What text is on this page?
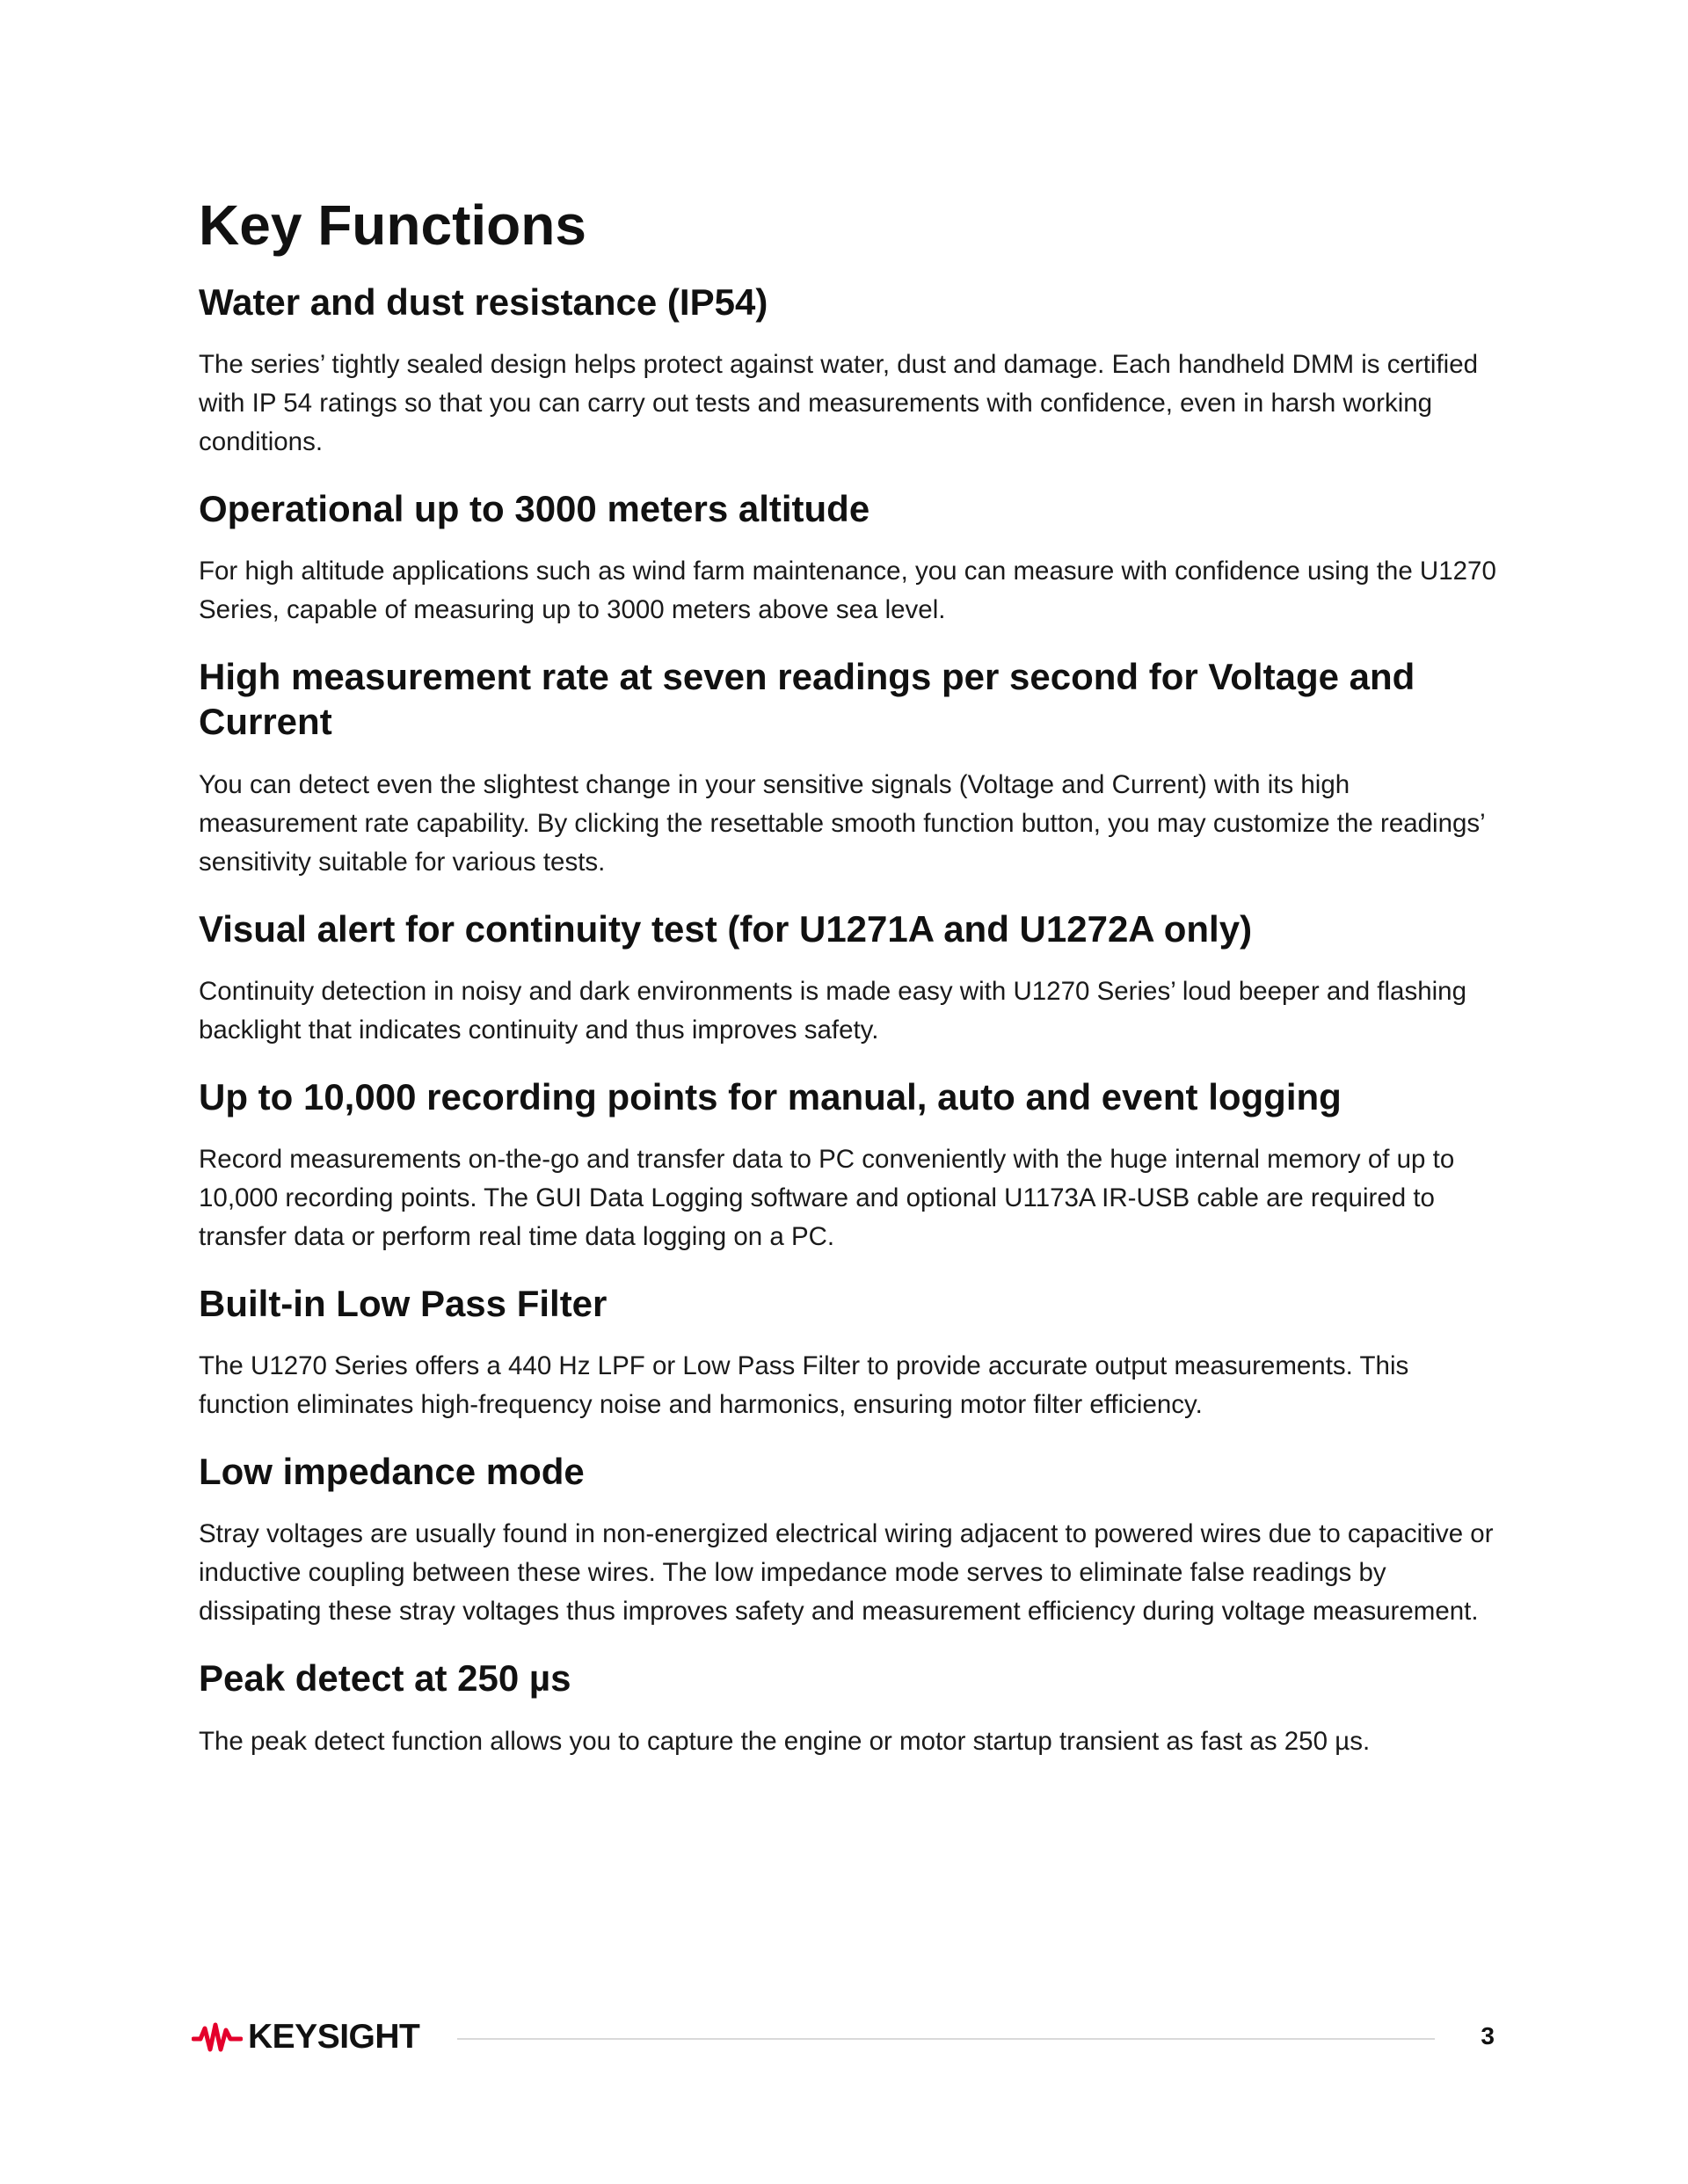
Key Functions
Water and dust resistance (IP54)

The series’ tightly sealed design helps protect against water, dust and damage. Each handheld DMM is certified with IP 54 ratings so that you can carry out tests and measurements with confidence, even in harsh working conditions.

Operational up to 3000 meters altitude

For high altitude applications such as wind farm maintenance, you can measure with confidence using the U1270 Series, capable of measuring up to 3000 meters above sea level.

High measurement rate at seven readings per second for Voltage and Current

You can detect even the slightest change in your sensitive signals (Voltage and Current) with its high measurement rate capability. By clicking the resettable smooth function button, you may customize the readings’ sensitivity suitable for various tests.

Visual alert for continuity test (for U1271A and U1272A only)

Continuity detection in noisy and dark environments is made easy with U1270 Series’ loud beeper and flashing backlight that indicates continuity and thus improves safety.

Up to 10,000 recording points for manual, auto and event logging

Record measurements on-the-go and transfer data to PC conveniently with the huge internal memory of up to 10,000 recording points. The GUI Data Logging software and optional U1173A IR-USB cable are required to transfer data or perform real time data logging on a PC.

Built-in Low Pass Filter

The U1270 Series offers a 440 Hz LPF or Low Pass Filter to provide accurate output measurements. This function eliminates high-frequency noise and harmonics, ensuring motor filter efficiency.

Low impedance mode

Stray voltages are usually found in non-energized electrical wiring adjacent to powered wires due to capacitive or inductive coupling between these wires. The low impedance mode serves to eliminate false readings by dissipating these stray voltages thus improves safety and measurement efficiency during voltage measurement.

Peak detect at 250 µs

The peak detect function allows you to capture the engine or motor startup transient as fast as 250 µs.

KEYSIGHT	3
